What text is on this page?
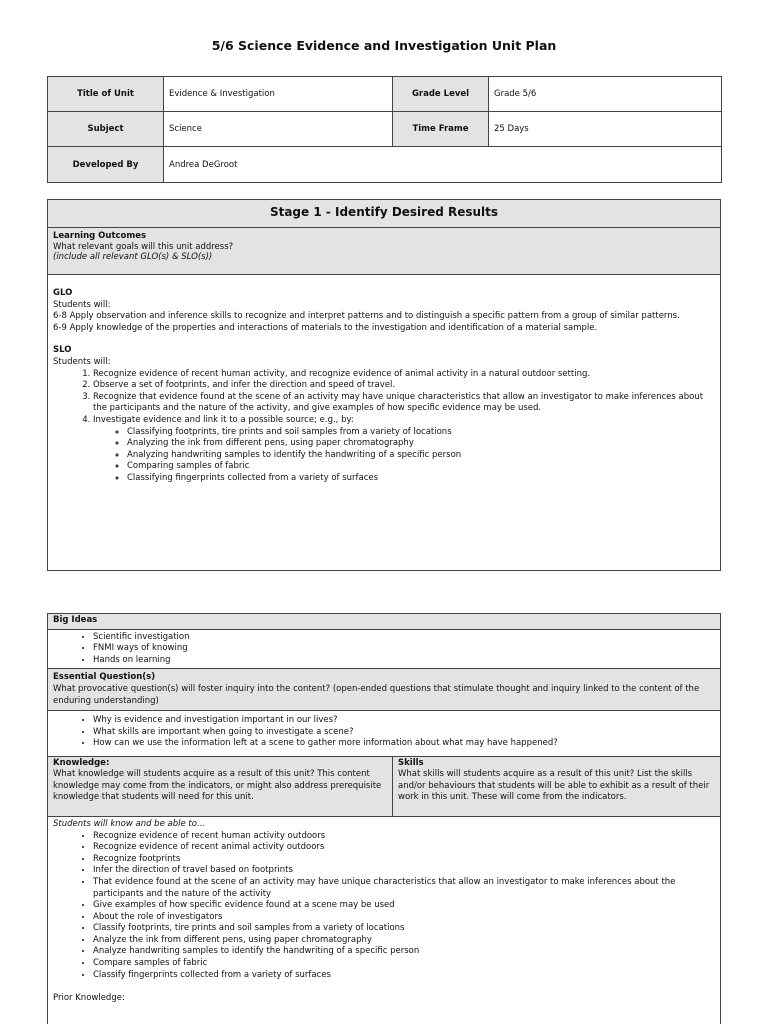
5/6 Science Evidence and Investigation Unit Plan
Title of Unit	Evidence & Investigation	Grade Level	Grade 5/6
Subject	Science	Time Frame	25 Days
Developed By	Andrea DeGroot		
Stage 1 - Identify Desired Results
Learning Outcomes
What relevant goals will this unit address?
(include all relevant GLO(s) & SLO(s))
GLO
Students will:
6-8 Apply observation and inference skills to recognize and interpret patterns and to distinguish a specific pattern from a group of similar patterns.
6-9 Apply knowledge of the properties and interactions of materials to the investigation and identification of a material sample.
SLO
Students will:
1. Recognize evidence of recent human activity, and recognize evidence of animal activity in a natural outdoor setting.
2. Observe a set of footprints, and infer the direction and speed of travel.
3. Recognize that evidence found at the scene of an activity may have unique characteristics that allow an investigator to make inferences about the participants and the nature of the activity, and give examples of how specific evidence may be used.
4. Investigate evidence and link it to a possible source; e.g., by:
◦ Classifying footprints, tire prints and soil samples from a variety of locations
◦ Analyzing the ink from different pens, using paper chromatography
◦ Analyzing handwriting samples to identify the handwriting of a specific person
◦ Comparing samples of fabric
◦ Classifying fingerprints collected from a variety of surfaces
Big Ideas
• Scientific investigation
• FNMI ways of knowing
• Hands on learning
Essential Question(s)
What provocative question(s) will foster inquiry into the content? (open-ended questions that stimulate thought and inquiry linked to the content of the enduring understanding)
• Why is evidence and investigation important in our lives?
• What skills are important when going to investigate a scene?
• How can we use the information left at a scene to gather more information about what may have happened?
Knowledge:
What knowledge will students acquire as a result of this unit? This content knowledge may come from the indicators, or might also address prerequisite knowledge that students will need for this unit.
Skills
What skills will students acquire as a result of this unit? List the skills and/or behaviours that students will be able to exhibit as a result of their work in this unit. These will come from the indicators.
Students will know and be able to…
• Recognize evidence of recent human activity outdoors
• Recognize evidence of recent animal activity outdoors
• Recognize footprints
• Infer the direction of travel based on footprints
• That evidence found at the scene of an activity may have unique characteristics that allow an investigator to make inferences about the participants and the nature of the activity
• Give examples of how specific evidence found at a scene may be used
• About the role of investigators
• Classify footprints, tire prints and soil samples from a variety of locations
• Analyze the ink from different pens, using paper chromatography
• Analyze handwriting samples to identify the handwriting of a specific person
• Compare samples of fabric
• Classify fingerprints collected from a variety of surfaces
Prior Knowledge:
